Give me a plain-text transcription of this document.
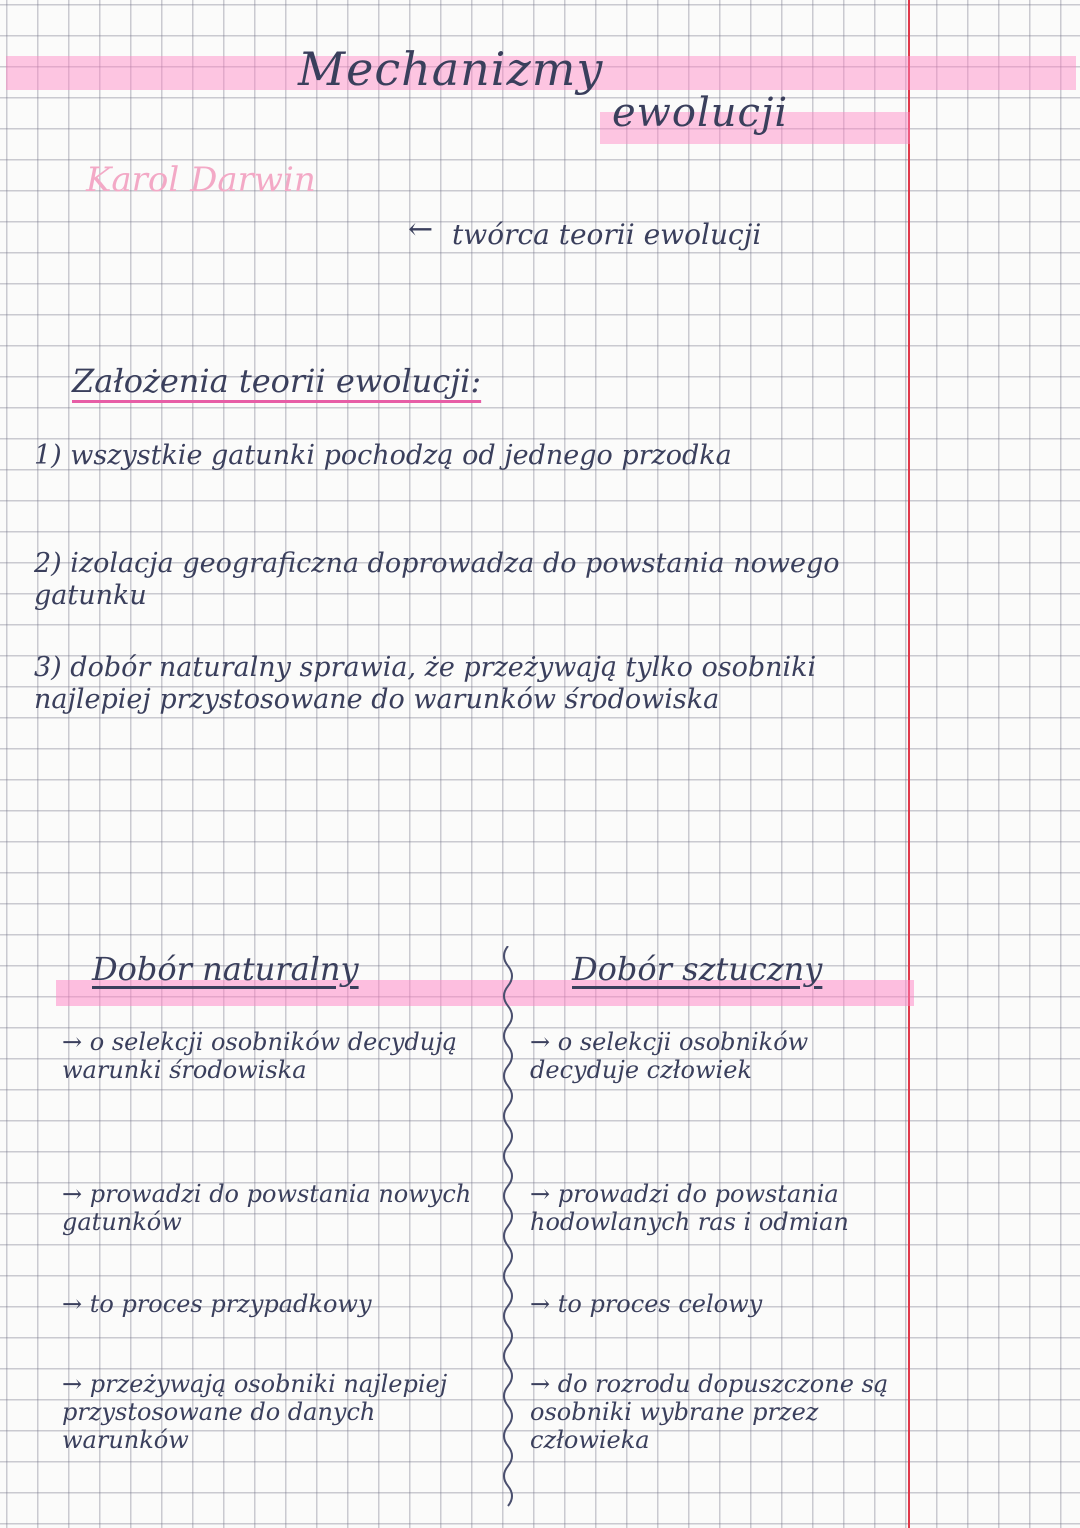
Mechanizmy
ewolucji
Karol Darwin
← twórca teorii ewolucji
Założenia teorii ewolucji:
1) wszystkie gatunki pochodzą od jednego przodka
2) izolacja geograficzna doprowadza do powstania nowego gatunku
3) dobór naturalny sprawia, że przeżywają tylko osobniki najlepiej przystosowane do warunków środowiska
Dobór naturalny	Dobór sztuczny
→ o selekcji osobników decydują warunki środowiska
→ prowadzi do powstania nowych gatunków
→ to proces przypadkowy
→ przeżywają osobniki najlepiej przystosowane do danych warunków
→ o selekcji osobników decyduje człowiek
→ prowadzi do powstania hodowlanych ras i odmian
→ to proces celowy
→ do rozrodu dopuszczone są osobniki wybrane przez człowieka
